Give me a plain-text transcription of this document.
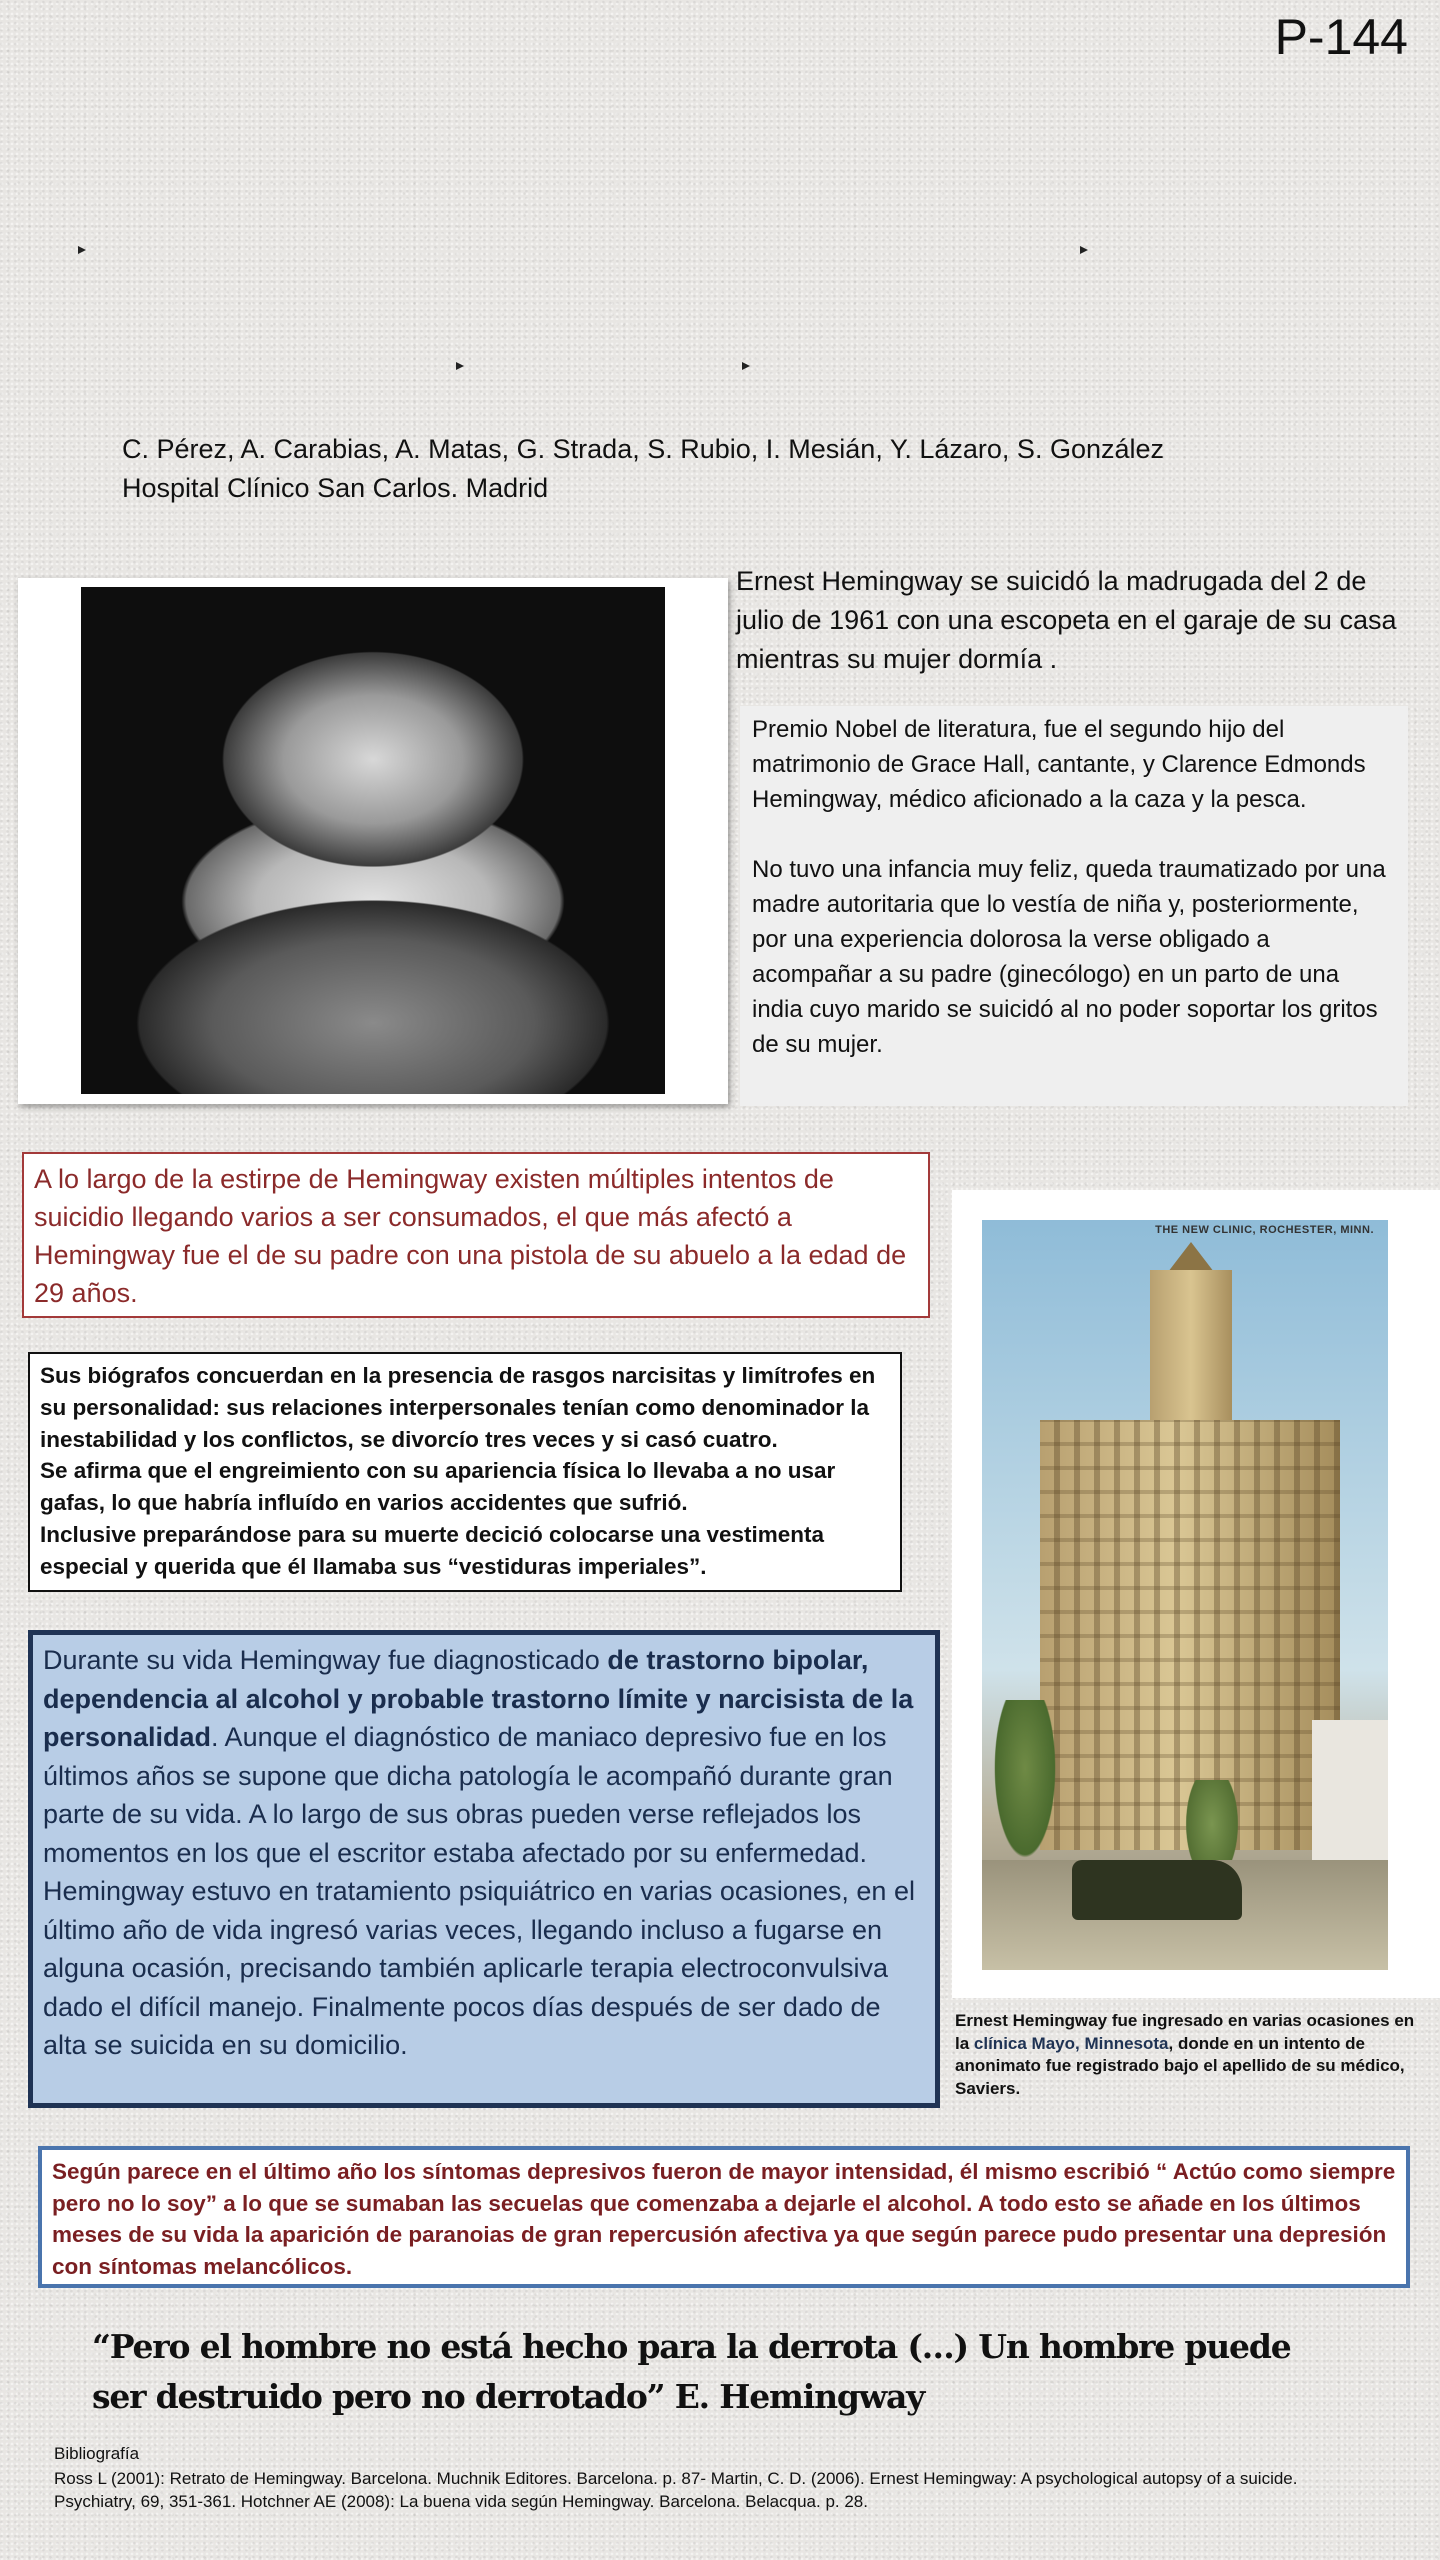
P-144
C. Pérez, A. Carabias, A. Matas, G. Strada, S. Rubio, I. Mesián, Y. Lázaro, S. González
Hospital Clínico San Carlos. Madrid
Ernest Hemingway se suicidó la madrugada del 2 de julio de 1961 con una escopeta en el garaje de su casa mientras su mujer dormía .

Premio Nobel de literatura, fue el segundo hijo del matrimonio de Grace Hall, cantante, y Clarence Edmonds Hemingway, médico aficionado a la caza y la pesca.

No tuvo una infancia muy feliz, queda traumatizado por una madre autoritaria que lo vestía de niña y, posteriormente, por una experiencia dolorosa la verse obligado a acompañar a su padre (ginecólogo) en un parto de una india cuyo marido se suicidó al no poder soportar los gritos de su mujer.

A lo largo de la estirpe de Hemingway existen múltiples intentos de suicidio llegando varios a ser consumados, el que más afectó a Hemingway fue el de su padre con una pistola de su abuelo a la edad de 29 años.
Sus biógrafos concuerdan en la presencia de rasgos narcisitas y limítrofes en su personalidad: sus relaciones interpersonales tenían como denominador la inestabilidad y los conflictos, se divorcío tres veces y si casó cuatro.
Se afirma que el engreimiento con su apariencia física lo llevaba a no usar gafas, lo que habría influído en varios accidentes que sufrió.
Inclusive preparándose para su muerte decició colocarse una vestimenta especial y querida que él llamaba sus “vestiduras imperiales”.
Durante su vida Hemingway fue diagnosticado de trastorno bipolar, dependencia al alcohol y probable trastorno límite y narcisista de la personalidad. Aunque el diagnóstico de maniaco depresivo fue en los últimos años se supone que dicha patología le acompañó durante gran parte de su vida. A lo largo de sus obras pueden verse reflejados los momentos en los que el escritor estaba afectado por su enfermedad.
Hemingway estuvo en tratamiento psiquiátrico en varias ocasiones, en el último año de vida ingresó varias veces, llegando incluso a fugarse en alguna ocasión, precisando también aplicarle terapia electroconvulsiva dado el difícil manejo. Finalmente pocos días después de ser dado de alta se suicida en su domicilio.
THE NEW CLINIC, ROCHESTER, MINN.
Ernest Hemingway fue ingresado en varias ocasiones en la clínica Mayo, Minnesota, donde en un intento de anonimato fue registrado bajo el apellido de su médico, Saviers.
Según parece en el último año los síntomas depresivos fueron de mayor intensidad, él mismo escribió “ Actúo como siempre pero no lo soy” a lo que se sumaban las secuelas que comenzaba a dejarle el alcohol. A todo esto se añade en los últimos meses de su vida la aparición de paranoias de gran repercusión afectiva ya que según parece pudo presentar una depresión con síntomas melancólicos.
“Pero el hombre no está hecho para la derrota (…) Un hombre puede ser destruido pero no derrotado” E. Hemingway
Bibliografía
Ross L (2001): Retrato de Hemingway. Barcelona. Muchnik Editores. Barcelona. p. 87- Martin, C. D. (2006). Ernest Hemingway: A psychological autopsy of a suicide. Psychiatry, 69, 351-361. Hotchner AE (2008): La buena vida según Hemingway. Barcelona. Belacqua. p. 28.
